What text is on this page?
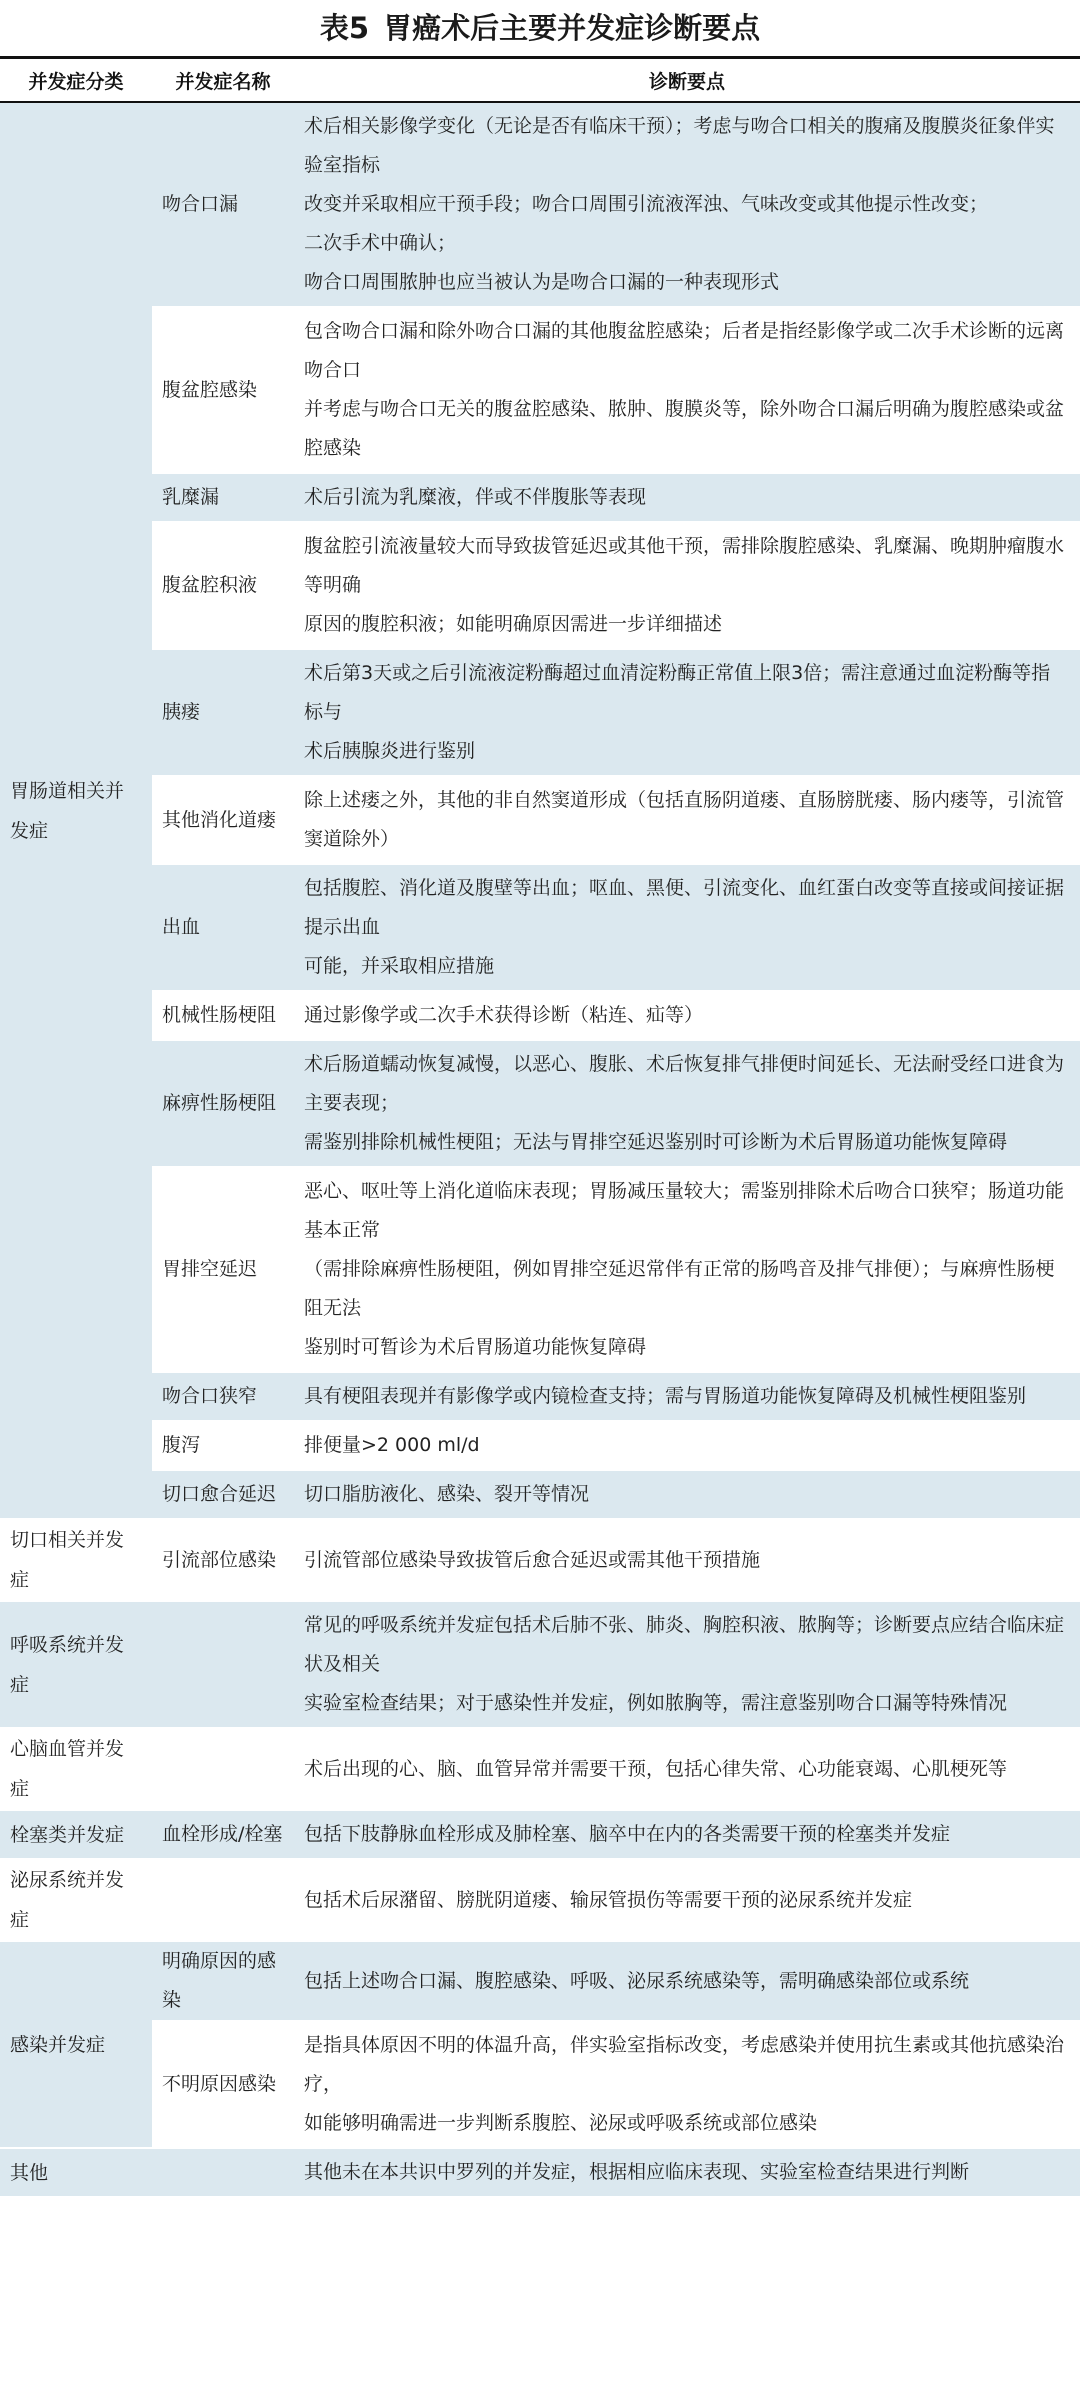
表5 胃癌术后主要并发症诊断要点
并发症分类	并发症名称	诊断要点
胃肠道相关并发症	吻合口漏	术后相关影像学变化（无论是否有临床干预）；考虑与吻合口相关的腹痛及腹膜炎征象伴实验室指标

改变并采取相应干预手段；吻合口周围引流液浑浊、气味改变或其他提示性改变；

二次手术中确认；

吻合口周围脓肿也应当被认为是吻合口漏的一种表现形式

	腹盆腔感染	包含吻合口漏和除外吻合口漏的其他腹盆腔感染；后者是指经影像学或二次手术诊断的远离吻合口

并考虑与吻合口无关的腹盆腔感染、脓肿、腹膜炎等，除外吻合口漏后明确为腹腔感染或盆腔感染

	乳糜漏	术后引流为乳糜液，伴或不伴腹胀等表现

	腹盆腔积液	腹盆腔引流液量较大而导致拔管延迟或其他干预，需排除腹腔感染、乳糜漏、晚期肿瘤腹水等明确

原因的腹腔积液；如能明确原因需进一步详细描述

	胰瘘	术后第3天或之后引流液淀粉酶超过血清淀粉酶正常值上限3倍；需注意通过血淀粉酶等指标与

术后胰腺炎进行鉴别

	其他消化道瘘	除上述瘘之外，其他的非自然窦道形成（包括直肠阴道瘘、直肠膀胱瘘、肠内瘘等，引流管窦道除外）

	出血	包括腹腔、消化道及腹壁等出血；呕血、黑便、引流变化、血红蛋白改变等直接或间接证据提示出血

可能，并采取相应措施

	机械性肠梗阻	通过影像学或二次手术获得诊断（粘连、疝等）

	麻痹性肠梗阻	术后肠道蠕动恢复减慢，以恶心、腹胀、术后恢复排气排便时间延长、无法耐受经口进食为主要表现；

需鉴别排除机械性梗阻；无法与胃排空延迟鉴别时可诊断为术后胃肠道功能恢复障碍

	胃排空延迟	恶心、呕吐等上消化道临床表现；胃肠减压量较大；需鉴别排除术后吻合口狭窄；肠道功能基本正常

（需排除麻痹性肠梗阻，例如胃排空延迟常伴有正常的肠鸣音及排气排便）；与麻痹性肠梗阻无法

鉴别时可暂诊为术后胃肠道功能恢复障碍

	吻合口狭窄	具有梗阻表现并有影像学或内镜检查支持；需与胃肠道功能恢复障碍及机械性梗阻鉴别

	腹泻	排便量>2 000 ml/d

	切口愈合延迟	切口脂肪液化、感染、裂开等情况

切口相关并发症	引流部位感染	引流管部位感染导致拔管后愈合延迟或需其他干预措施

呼吸系统并发症		常见的呼吸系统并发症包括术后肺不张、肺炎、胸腔积液、脓胸等；诊断要点应结合临床症状及相关

实验室检查结果；对于感染性并发症，例如脓胸等，需注意鉴别吻合口漏等特殊情况

心脑血管并发症		术后出现的心、脑、血管异常并需要干预，包括心律失常、心功能衰竭、心肌梗死等

栓塞类并发症	血栓形成/栓塞	包括下肢静脉血栓形成及肺栓塞、脑卒中在内的各类需要干预的栓塞类并发症

泌尿系统并发症		包括术后尿潴留、膀胱阴道瘘、输尿管损伤等需要干预的泌尿系统并发症

感染并发症	明确原因的感染	包括上述吻合口漏、腹腔感染、呼吸、泌尿系统感染等，需明确感染部位或系统

	不明原因感染	是指具体原因不明的体温升高，伴实验室指标改变，考虑感染并使用抗生素或其他抗感染治疗，

如能够明确需进一步判断系腹腔、泌尿或呼吸系统或部位感染

其他		其他未在本共识中罗列的并发症，根据相应临床表现、实验室检查结果进行判断
